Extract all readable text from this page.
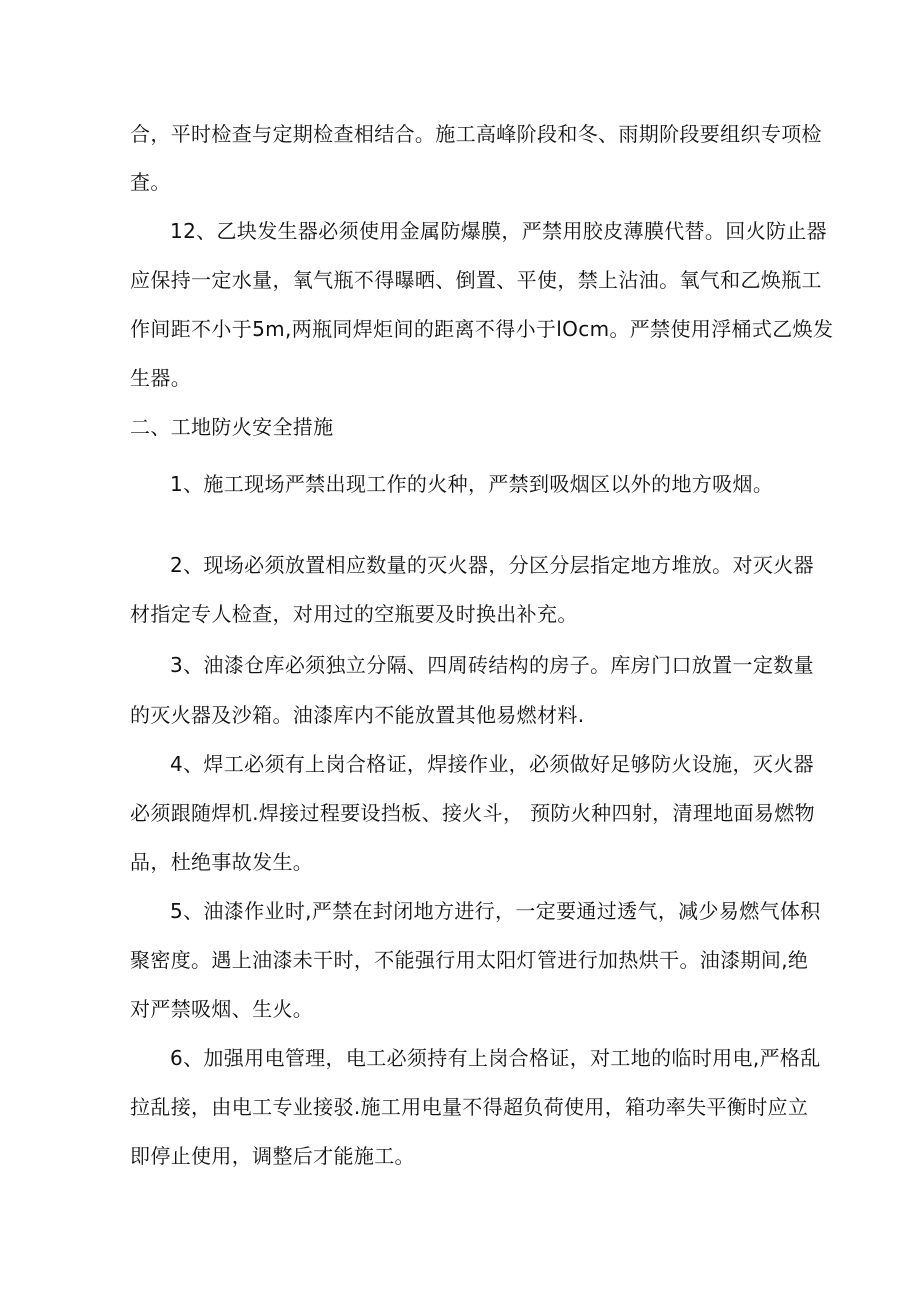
合，平时检查与定期检查相结合。施工高峰阶段和冬、雨期阶段要组织专项检
査。
12、乙块发生器必须使用金属防爆膜，严禁用胶皮薄膜代替。回火防止器
应保持一定水量，氧气瓶不得曝晒、倒置、平使，禁上沾油。氧气和乙焕瓶工
作间距不小于5m,两瓶同焊炬间的距离不得小于lOcm。严禁使用浮桶式乙焕发
生器。
二、工地防火安全措施
1、施工现场严禁出现工作的火种，严禁到吸烟区以外的地方吸烟。
2、现场必须放置相应数量的灭火器，分区分层指定地方堆放。对灭火器
材指定专人检查，对用过的空瓶要及时换出补充。
3、油漆仓库必须独立分隔、四周砖结构的房子。库房门口放置一定数量
的灭火器及沙箱。油漆库内不能放置其他易燃材料.
4、焊工必须有上岗合格证，焊接作业，必须做好足够防火设施，灭火器
必须跟随焊机.焊接过程要设挡板、接火斗， 预防火种四射，清理地面易燃物
品，杜绝事故发生。
5、油漆作业时,严禁在封闭地方进行，一定要通过透气，减少易燃气体积
聚密度。遇上油漆未干时，不能强行用太阳灯管进行加热烘干。油漆期间,绝
对严禁吸烟、生火。
6、加强用电管理，电工必须持有上岗合格证，对工地的临时用电,严格乱
拉乱接，由电工专业接驳.施工用电量不得超负荷使用，箱功率失平衡时应立
即停止使用，调整后才能施工。
